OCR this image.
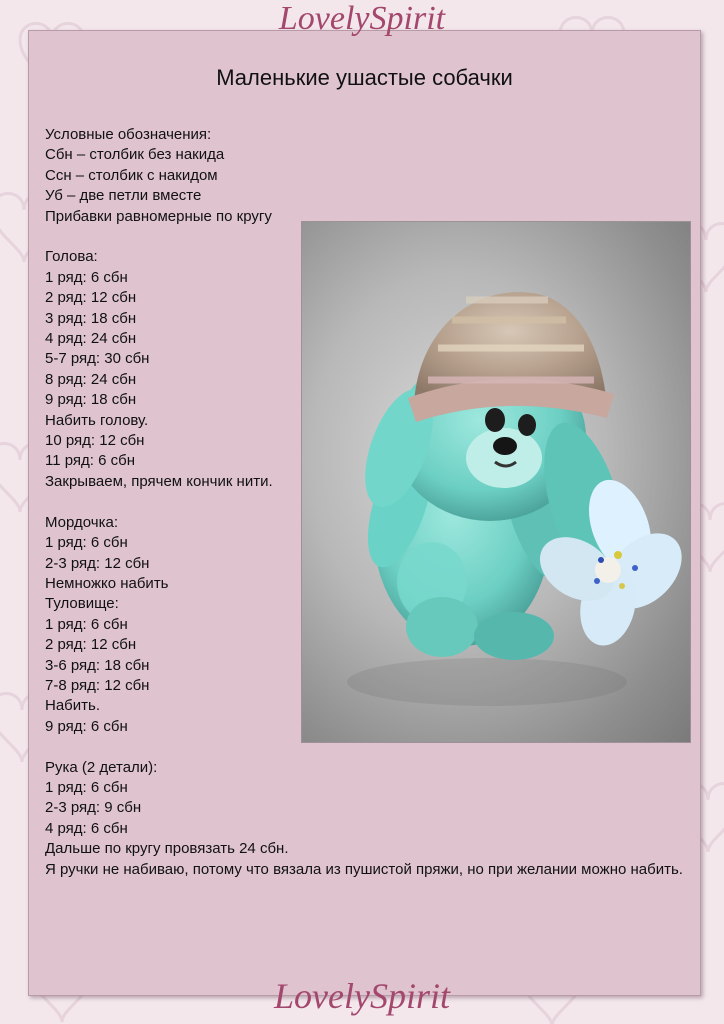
LovelySpirit
Маленькие ушастые собачки
Условные обозначения:
Сбн – столбик без накида
Ссн – столбик с накидом
Уб – две петли вместе
Прибавки равномерные по кругу
Голова:
1 ряд: 6 сбн
2 ряд: 12 сбн
3 ряд: 18 сбн
4 ряд: 24 сбн
5-7 ряд: 30 сбн
8 ряд: 24 сбн
9 ряд: 18 сбн
Набить голову.
10 ряд: 12 сбн
11 ряд: 6 сбн
Закрываем, прячем кончик нити.
Мордочка:
1 ряд: 6 сбн
2-3 ряд: 12 сбн
Немножко набить
Туловище:
1 ряд: 6 сбн
2 ряд: 12 сбн
3-6 ряд: 18 сбн
7-8 ряд: 12 сбн
Набить.
9 ряд: 6 сбн
Рука (2 детали):
1 ряд: 6 сбн
2-3 ряд: 9 сбн
4 ряд: 6 сбн
Дальше по кругу провязать 24 сбн.
Я ручки не набиваю, потому что вязала из пушистой пряжи, но при желании можно набить.
LovelySpirit
